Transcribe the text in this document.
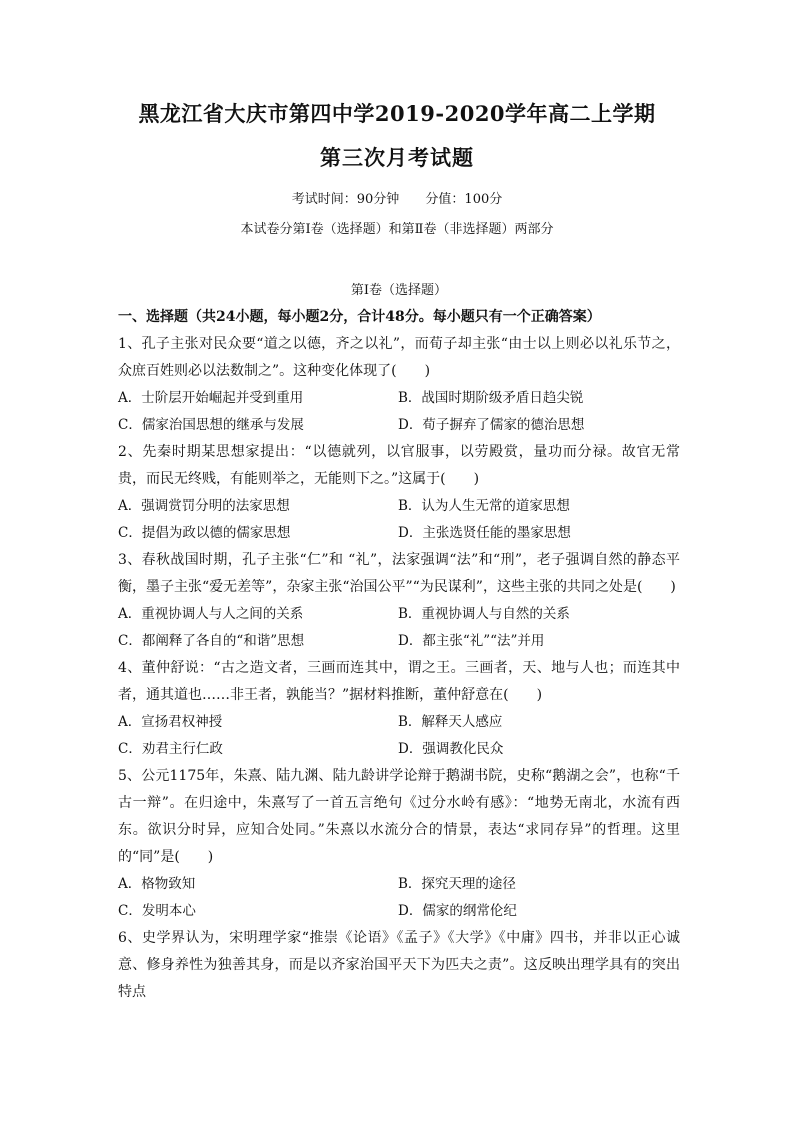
黑龙江省大庆市第四中学2019-2020学年高二上学期
第三次月考试题
考试时间：90分钟 分值：100分
本试卷分第Ⅰ卷（选择题）和第Ⅱ卷（非选择题）两部分
第Ⅰ卷（选择题）
一、选择题（共24小题，每小题2分，合计48分。每小题只有一个正确答案）
1、孔子主张对民众要“道之以德，齐之以礼”，而荀子却主张“由士以上则必以礼乐节之，众庶百姓则必以法数制之”。这种变化体现了(　　)
A．士阶层开始崛起并受到重用	B．战国时期阶级矛盾日趋尖锐
C．儒家治国思想的继承与发展	D．荀子摒弃了儒家的德治思想
2、先秦时期某思想家提出：“以德就列，以官服事，以劳殿赏，量功而分禄。故官无常贵，而民无终贱，有能则举之，无能则下之。”这属于(　　)
A．强调赏罚分明的法家思想	B．认为人生无常的道家思想
C．提倡为政以德的儒家思想	D．主张选贤任能的墨家思想
3、春秋战国时期，孔子主张“仁”和 “礼”，法家强调“法”和“刑”，老子强调自然的静态平衡，墨子主张“爱无差等”，杂家主张“治国公平”“为民谋利”，这些主张的共同之处是(　　)
A．重视协调人与人之间的关系	B．重视协调人与自然的关系
C．都阐释了各自的“和谐”思想	D．都主张“礼”“法”并用
4、董仲舒说：“古之造文者，三画而连其中，谓之王。三画者，天、地与人也；而连其中者，通其道也……非王者，孰能当？”据材料推断，董仲舒意在(　　)
A．宣扬君权神授	B．解释天人感应
C．劝君主行仁政	D．强调教化民众
5、公元1175年，朱熹、陆九渊、陆九龄讲学论辩于鹅湖书院，史称“鹅湖之会”，也称“千古一辩”。在归途中，朱熹写了一首五言绝句《过分水岭有感》：“地势无南北，水流有西东。欲识分时异，应知合处同。”朱熹以水流分合的情景，表达“求同存异”的哲理。这里的“同”是(　　)
A．格物致知	B．探究天理的途径
C．发明本心	D．儒家的纲常伦纪
6、史学界认为，宋明理学家“推崇《论语》《孟子》《大学》《中庸》四书，并非以正心诚意、修身养性为独善其身，而是以齐家治国平天下为匹夫之责”。这反映出理学具有的突出特点
